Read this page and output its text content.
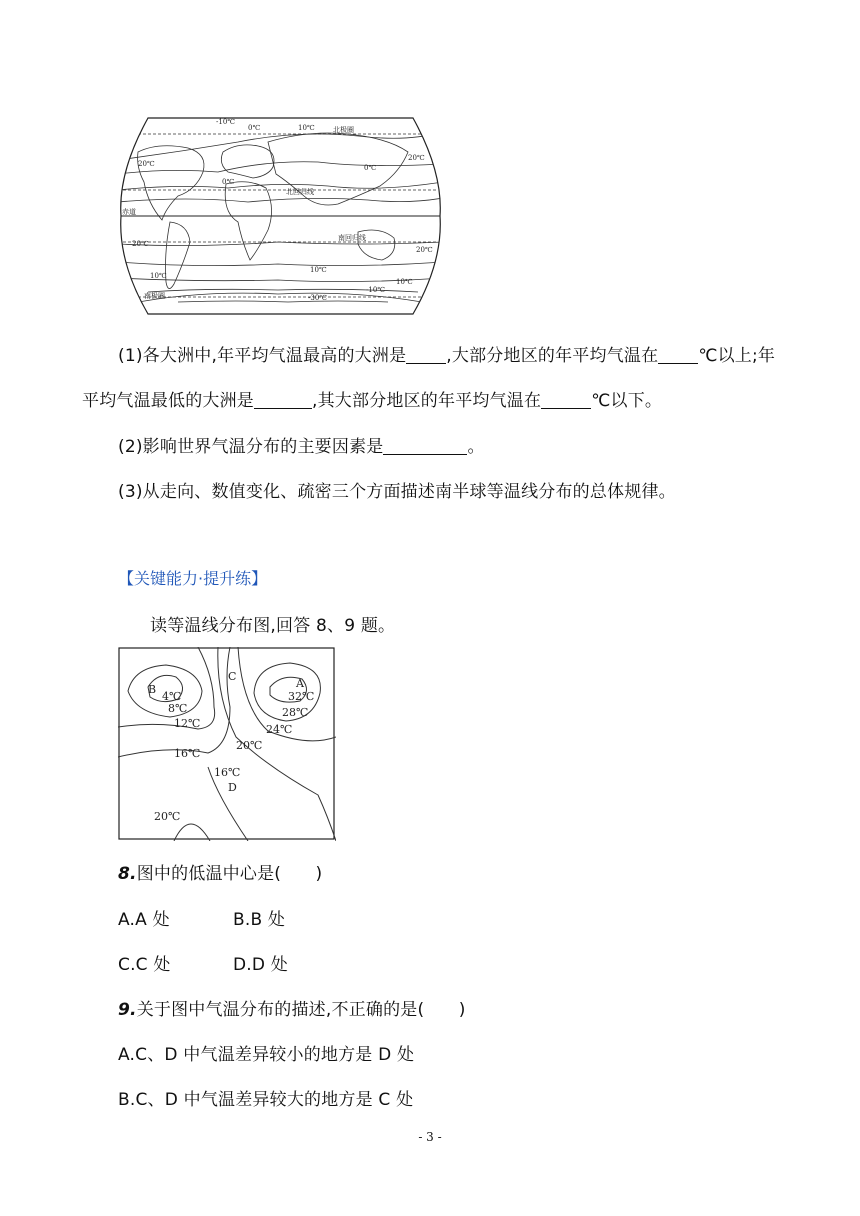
北极圈
北回归线
赤道
南回归线
南极圈
-10℃
0℃	10℃
20℃
0℃
0℃
20℃
20℃
20℃
10℃
10℃
10℃
-30℃
-10℃
(1)各大洲中,年平均气温最高的大洲是 ,大部分地区的年平均气温在 ℃以上;年
平均气温最低的大洲是	,其大部分地区的年平均气温在	℃以下。
(2)影响世界气温分布的主要因素是	。
(3)从走向、数值变化、疏密三个方面描述南半球等温线分布的总体规律。
【关键能力·提升练】
读等温线分布图,回答 8、9 题。
B
4℃
8℃
12℃
C
A
32℃
28℃
24℃
20℃
16℃
16℃
D
20℃
8.图中的低温中心是(　　)
A.A 处	B.B 处
C.C 处	D.D 处
9.关于图中气温分布的描述,不正确的是(　　)
A.C、D 中气温差异较小的地方是 D 处
B.C、D 中气温差异较大的地方是 C 处
- 3 -
